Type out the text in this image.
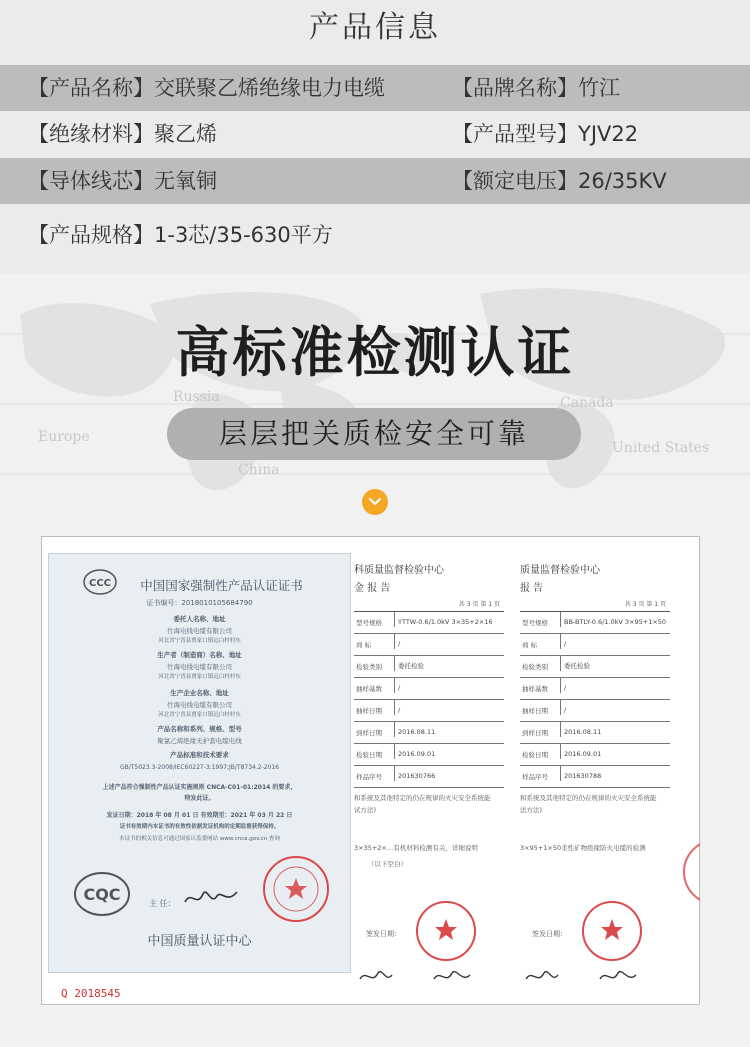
产品信息
【产品名称】交联聚乙烯绝缘电力电缆	【品牌名称】竹江
【绝缘材料】聚乙烯	【产品型号】YJV22
【导体线芯】无氧铜	【额定电压】26/35KV
【产品规格】1-3芯/35-630平方
Russia
Europe
China
Canada
United States
高标准检测认证
层层把关质检安全可靠
CCC	中国国家强制性产品认证证书
证书编号：2018010105684790
委托人名称、地址
竹海电线电缆有限公司
河北省宁晋县贾家口镇远白村村东
生产者（制造商）名称、地址
竹海电线电缆有限公司
河北省宁晋县贾家口镇远白村村东
生产企业名称、地址
竹海电线电缆有限公司
河北省宁晋县贾家口镇远白村村东
产品名称和系列、规格、型号
聚氯乙烯绝缘无护套电缆电线
产品标准和技术要求
GB/T5023.3-2008/IEC60227-3:1997;JB/T8734.2-2016
上述产品符合强制性产品认证实施规则 CNCA-C01-01:2014 的要求，
特发此证。
发证日期：2018 年 08 月 01 日 有效期至：2021 年 03 月 22 日
证书有效期内本证书的有效性依据发证机构的定期监督获得保持。
本证书的相关信息可通过国家认监委网站 www.cnca.gov.cn 查询
CQC	主 任：
中国质量认证中心
Q 2018545
科质量监督检验中心
金 报 告
共 3 页 第 1 页
型号规格	YTTW-0.6/1.0kV 3×35+2×16
商 标	/
检验类别	委托检验
抽样基数	/
抽样日期	/
到样日期	2016.08.11
检验日期	2016.09.01
样品序号	201630766
和系统及其他特定的仍在规律的火灾安全系统能
试方法)
3×35+2×…有机材料检测有关，详细说明
（以下空白）
签发日期：
质量监督检验中心
报 告
共 3 页 第 1 页
型号规格	BB-BTLY-0.6/1.0kV 3×95+1×50
商 标	/
检验类别	委托检验
抽样基数	/
抽样日期	/
到样日期	2016.08.11
检验日期	2016.09.01
样品序号	201630788
和系统及其他特定的仍在规律的火灾安全系统能
法方法)
3×95+1×50柔性矿物绝缘防火电缆的检测
签发日期：
